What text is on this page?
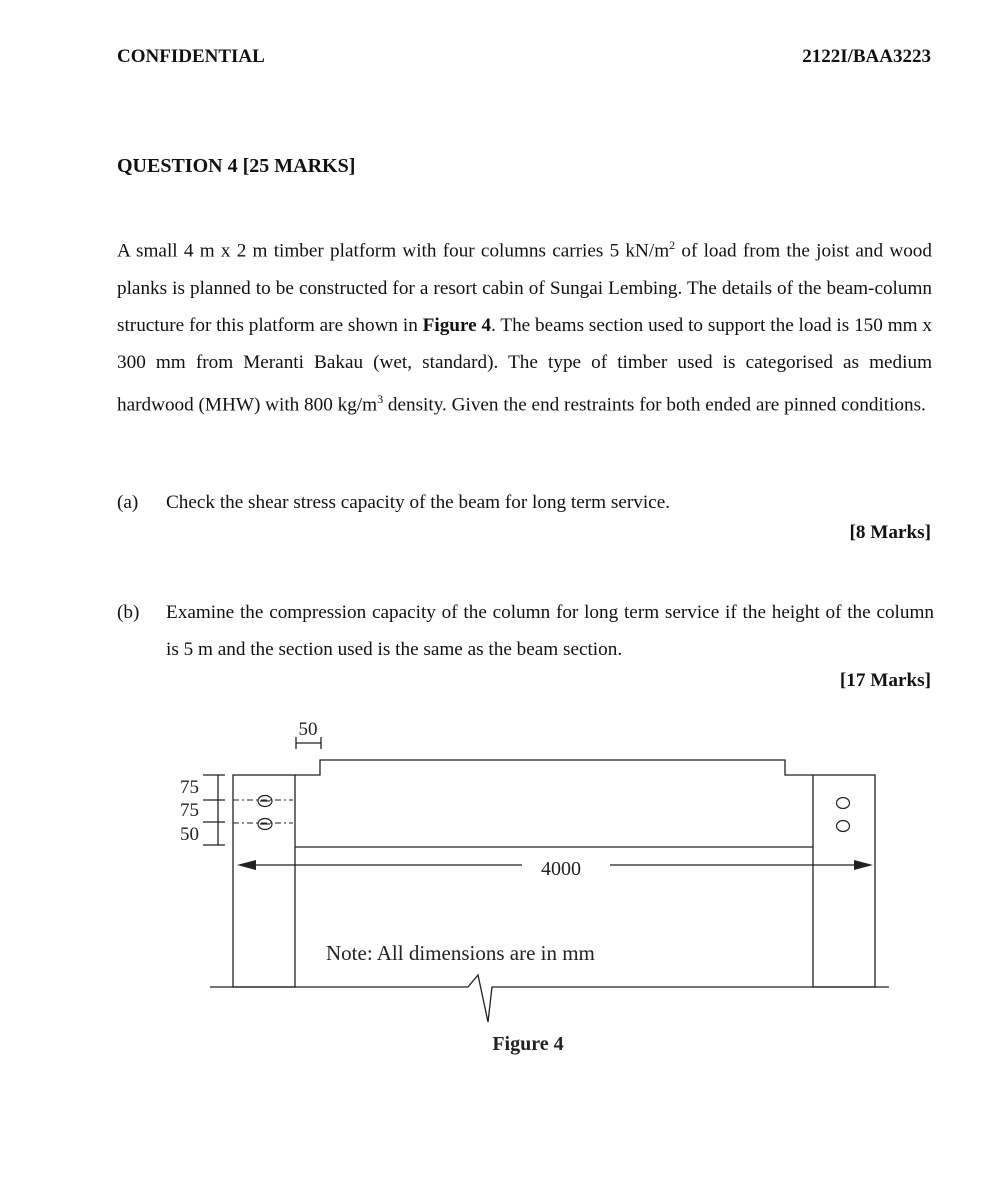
CONFIDENTIAL	2122I/BAA3223
QUESTION 4 [25 MARKS]
A small 4 m x 2 m timber platform with four columns carries 5 $kN/m^2$ of load from the joist and wood planks is planned to be constructed for a resort cabin of Sungai Lembing. The details of the beam-column structure for this platform are shown in Figure 4. The beams section used to support the load is 150 mm x 300 mm from Meranti Bakau (wet, standard). The type of timber used is categorised as medium hardwood (MHW) with 800 $kg/m^3$ density. Given the end restraints for both ended are pinned conditions.
(a) Check the shear stress capacity of the beam for long term service.
[8 Marks]
(b) Examine the compression capacity of the column for long term service if the height of the column is 5 m and the section used is the same as the beam section.
[17 Marks]
50
75
75
50
4000
Note: All dimensions are in mm
Figure 4
